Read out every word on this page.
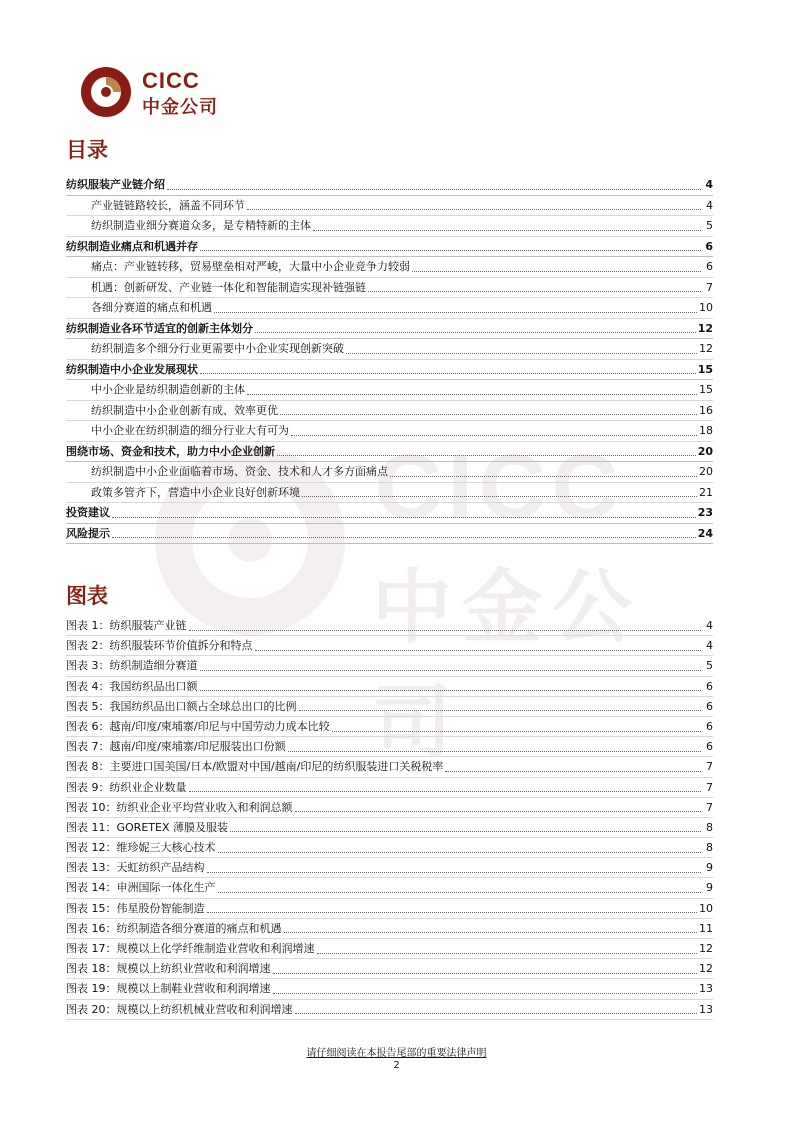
CICC
中金公司
CICC
中金公司
目录
纺织服装产业链介绍	4
产业链链路较长，涵盖不同环节	4
纺织制造业细分赛道众多，是专精特新的主体	5
纺织制造业痛点和机遇并存	6
痛点：产业链转移，贸易壁垒相对严峻，大量中小企业竞争力较弱	6
机遇：创新研发、产业链一体化和智能制造实现补链强链	7
各细分赛道的痛点和机遇	10
纺织制造业各环节适宜的创新主体划分	12
纺织制造多个细分行业更需要中小企业实现创新突破	12
纺织制造中小企业发展现状	15
中小企业是纺织制造创新的主体	15
纺织制造中小企业创新有成、效率更优	16
中小企业在纺织制造的细分行业大有可为	18
围绕市场、资金和技术，助力中小企业创新	20
纺织制造中小企业面临着市场、资金、技术和人才多方面痛点	20
政策多管齐下，营造中小企业良好创新环境	21
投资建议	23
风险提示	24
图表
图表 1：纺织服装产业链	4
图表 2：纺织服装环节价值拆分和特点	4
图表 3：纺织制造细分赛道	5
图表 4：我国纺织品出口额	6
图表 5：我国纺织品出口额占全球总出口的比例	6
图表 6：越南/印度/柬埔寨/印尼与中国劳动力成本比较	6
图表 7：越南/印度/柬埔寨/印尼服装出口份额	6
图表 8：主要进口国美国/日本/欧盟对中国/越南/印尼的纺织服装进口关税税率	7
图表 9：纺织业企业数量	7
图表 10：纺织业企业平均营业收入和利润总额	7
图表 11：GORETEX 薄膜及服装	8
图表 12：维珍妮三大核心技术	8
图表 13：天虹纺织产品结构	9
图表 14：申洲国际一体化生产	9
图表 15：伟星股份智能制造	10
图表 16：纺织制造各细分赛道的痛点和机遇	11
图表 17：规模以上化学纤维制造业营收和利润增速	12
图表 18：规模以上纺织业营收和利润增速	12
图表 19：规模以上制鞋业营收和利润增速	13
图表 20：规模以上纺织机械业营收和利润增速	13
请仔细阅读在本报告尾部的重要法律声明
2
